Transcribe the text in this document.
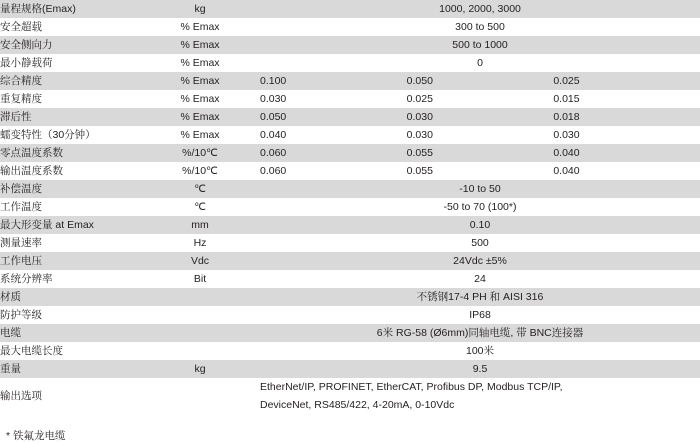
量程规格(Emax)	kg	1000, 2000, 3000		
安全超载	% Emax	300 to 500		
安全侧向力	% Emax	500 to 1000		
最小静载荷	% Emax	0		
综合精度	% Emax	0.100	0.050	0.025
重复精度	% Emax	0.030	0.025	0.015
滞后性	% Emax	0.050	0.030	0.018
蠕变特性（30分钟）	% Emax	0.040	0.030	0.030
零点温度系数	%/10℃	0.060	0.055	0.040
输出温度系数	%/10℃	0.060	0.055	0.040
补偿温度	℃	-10 to 50		
工作温度	℃	-50 to 70 (100*)		
最大形变量 at Emax	mm	0.10		
测量速率	Hz	500		
工作电压	Vdc	24Vdc ±5%		
系统分辨率	Bit	24		
材质		不锈钢17-4 PH 和 AISI 316		
防护等级		IP68		
电缆		6米 RG-58 (Ø6mm)同轴电缆, 带 BNC连接器		
最大电缆长度		100米		
重量	kg	9.5		
输出选项		EtherNet/IP, PROFINET, EtherCAT, Profibus DP, Modbus TCP/IP,
DeviceNet, RS485/422, 4-20mA, 0-10Vdc		
* 铁氟龙电缆
